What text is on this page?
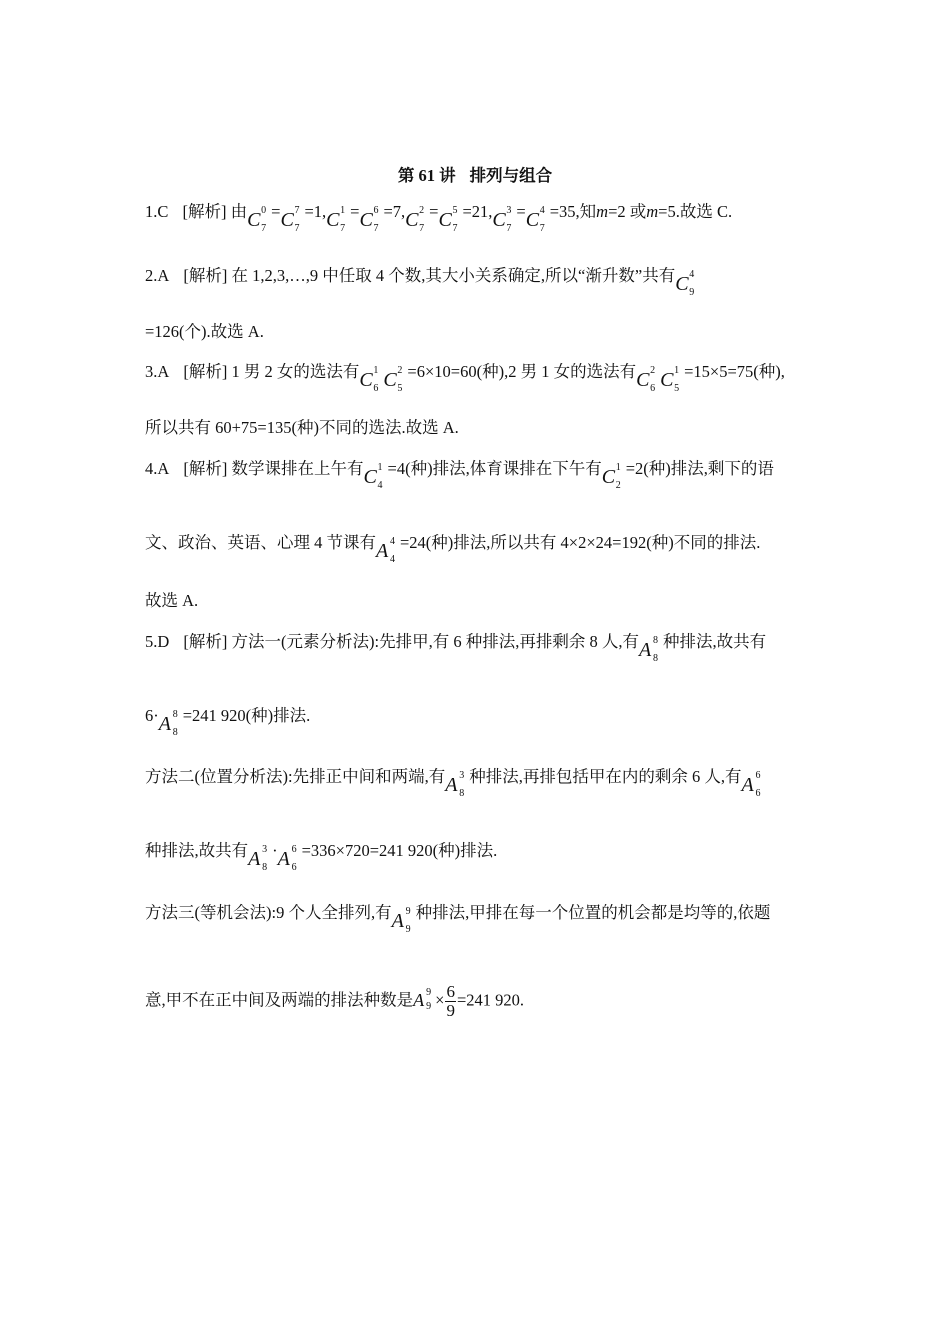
第 61 讲 排列与组合
1.C [解析] 由 C 0
7
= C 7
7
=1, C 1
7
= C 6
7
=7, C 2
7
= C 5
7
=21, C 3
7
= C 4
7
=35,知m=2 或m=5.故选 C.
2.A [解析] 在 1,2,3,…,9 中任取 4 个数,其大小关系确定,所以“渐升数”共有 C 4
9
=126(个).故选 A.
3.A [解析] 1 男 2 女的选法有 C 1
6 C 2
5
=6×10=60(种),2 男 1 女的选法有 C 2
6 C 1
5
=15×5=75(种),
所以共有 60+75=135(种)不同的选法.故选 A.
4.A [解析] 数学课排在上午有 C 1
4
=4(种)排法,体育课排在下午有 C 1
2
=2(种)排法,剩下的语
文、政治、英语、心理 4 节课有 A 4
4
=24(种)排法,所以共有 4×2×24=192(种)不同的排法.
故选 A.
5.D [解析] 方法一(元素分析法):先排甲,有 6 种排法,再排剩余 8 人,有 A 8
8
种排法,故共有
6· A 8
8
=241 920(种)排法.
方法二(位置分析法):先排正中间和两端,有 A 3
8
种排法,再排包括甲在内的剩余 6 人,有 A 6
6
种排法,故共有 A 3
8
· A 6
6
=336×720=241 920(种)排法.
方法三(等机会法):9 个人全排列,有 A 9
9
种排法,甲排在每一个位置的机会都是均等的,依题
意,甲不在正中间及两端的排法种数是 A 9
$9 \times \frac{6}{9} =241$ 920.
